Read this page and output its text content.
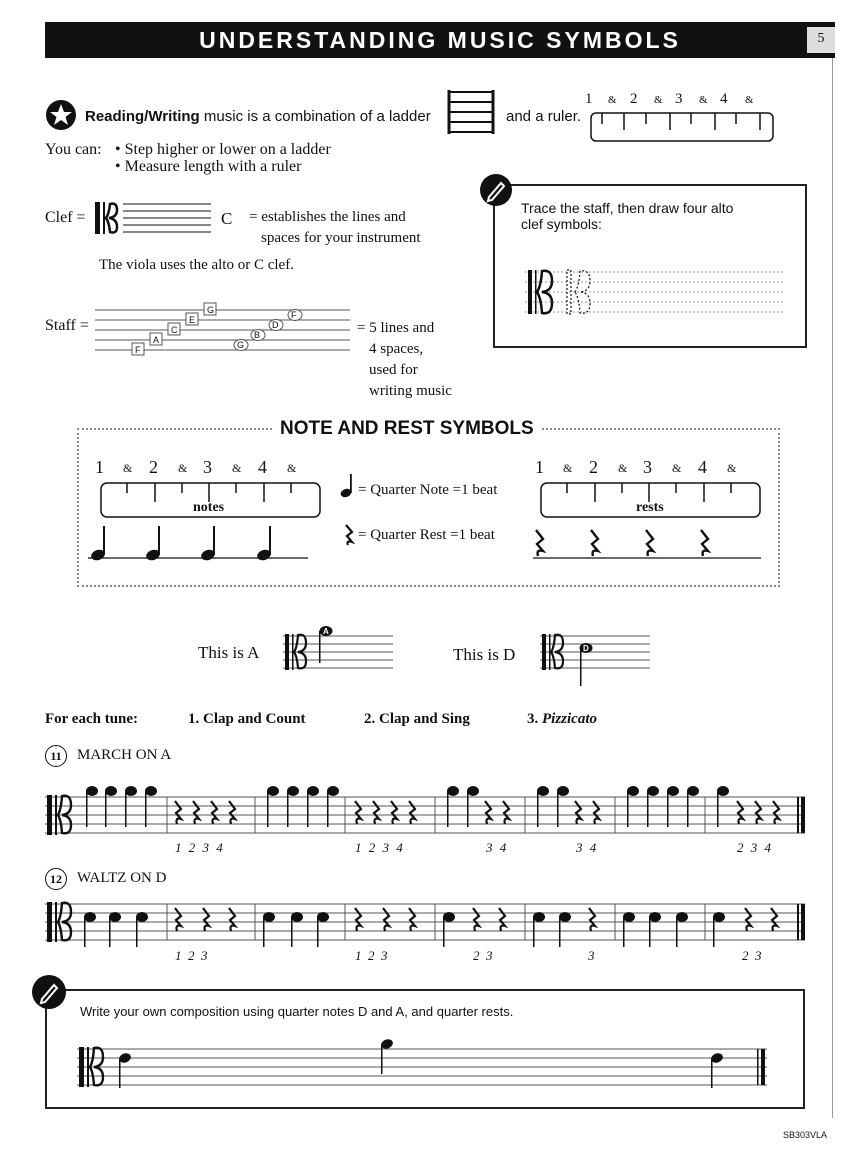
UNDERSTANDING MUSIC SYMBOLS	5
Reading/Writing music is a combination of a ladder	and a ruler.
1 & 2 & 3 & 4 &
You can: • Step higher or lower on a ladder
• Measure length with a ruler
Clef =	C = establishes the lines and
spaces for your instrument
The viola uses the alto or C clef.
Staff =
F
A
C
E
G
G
B
D
F
= 5 lines and
4 spaces,
used for
writing music
Trace the staff, then draw four alto
clef symbols:
NOTE AND REST SYMBOLS
1 & 2 & 3 & 4 &
notes
= Quarter Note =1 beat
= Quarter Rest =1 beat
1 & 2 & 3 & 4 &
rests
This is A
A
This is D	D
For each tune:	1. Clap and Count	2. Clap and Sing	3. Pizzicato
11	MARCH ON A
1 2 3 4	1 2 3 4	3 4	3 4	2 3 4
12	WALTZ ON D
1  2  3	1  2  3	2  3	3	2  3
Write your own composition using quarter notes D and A, and quarter rests.
SB303VLA
